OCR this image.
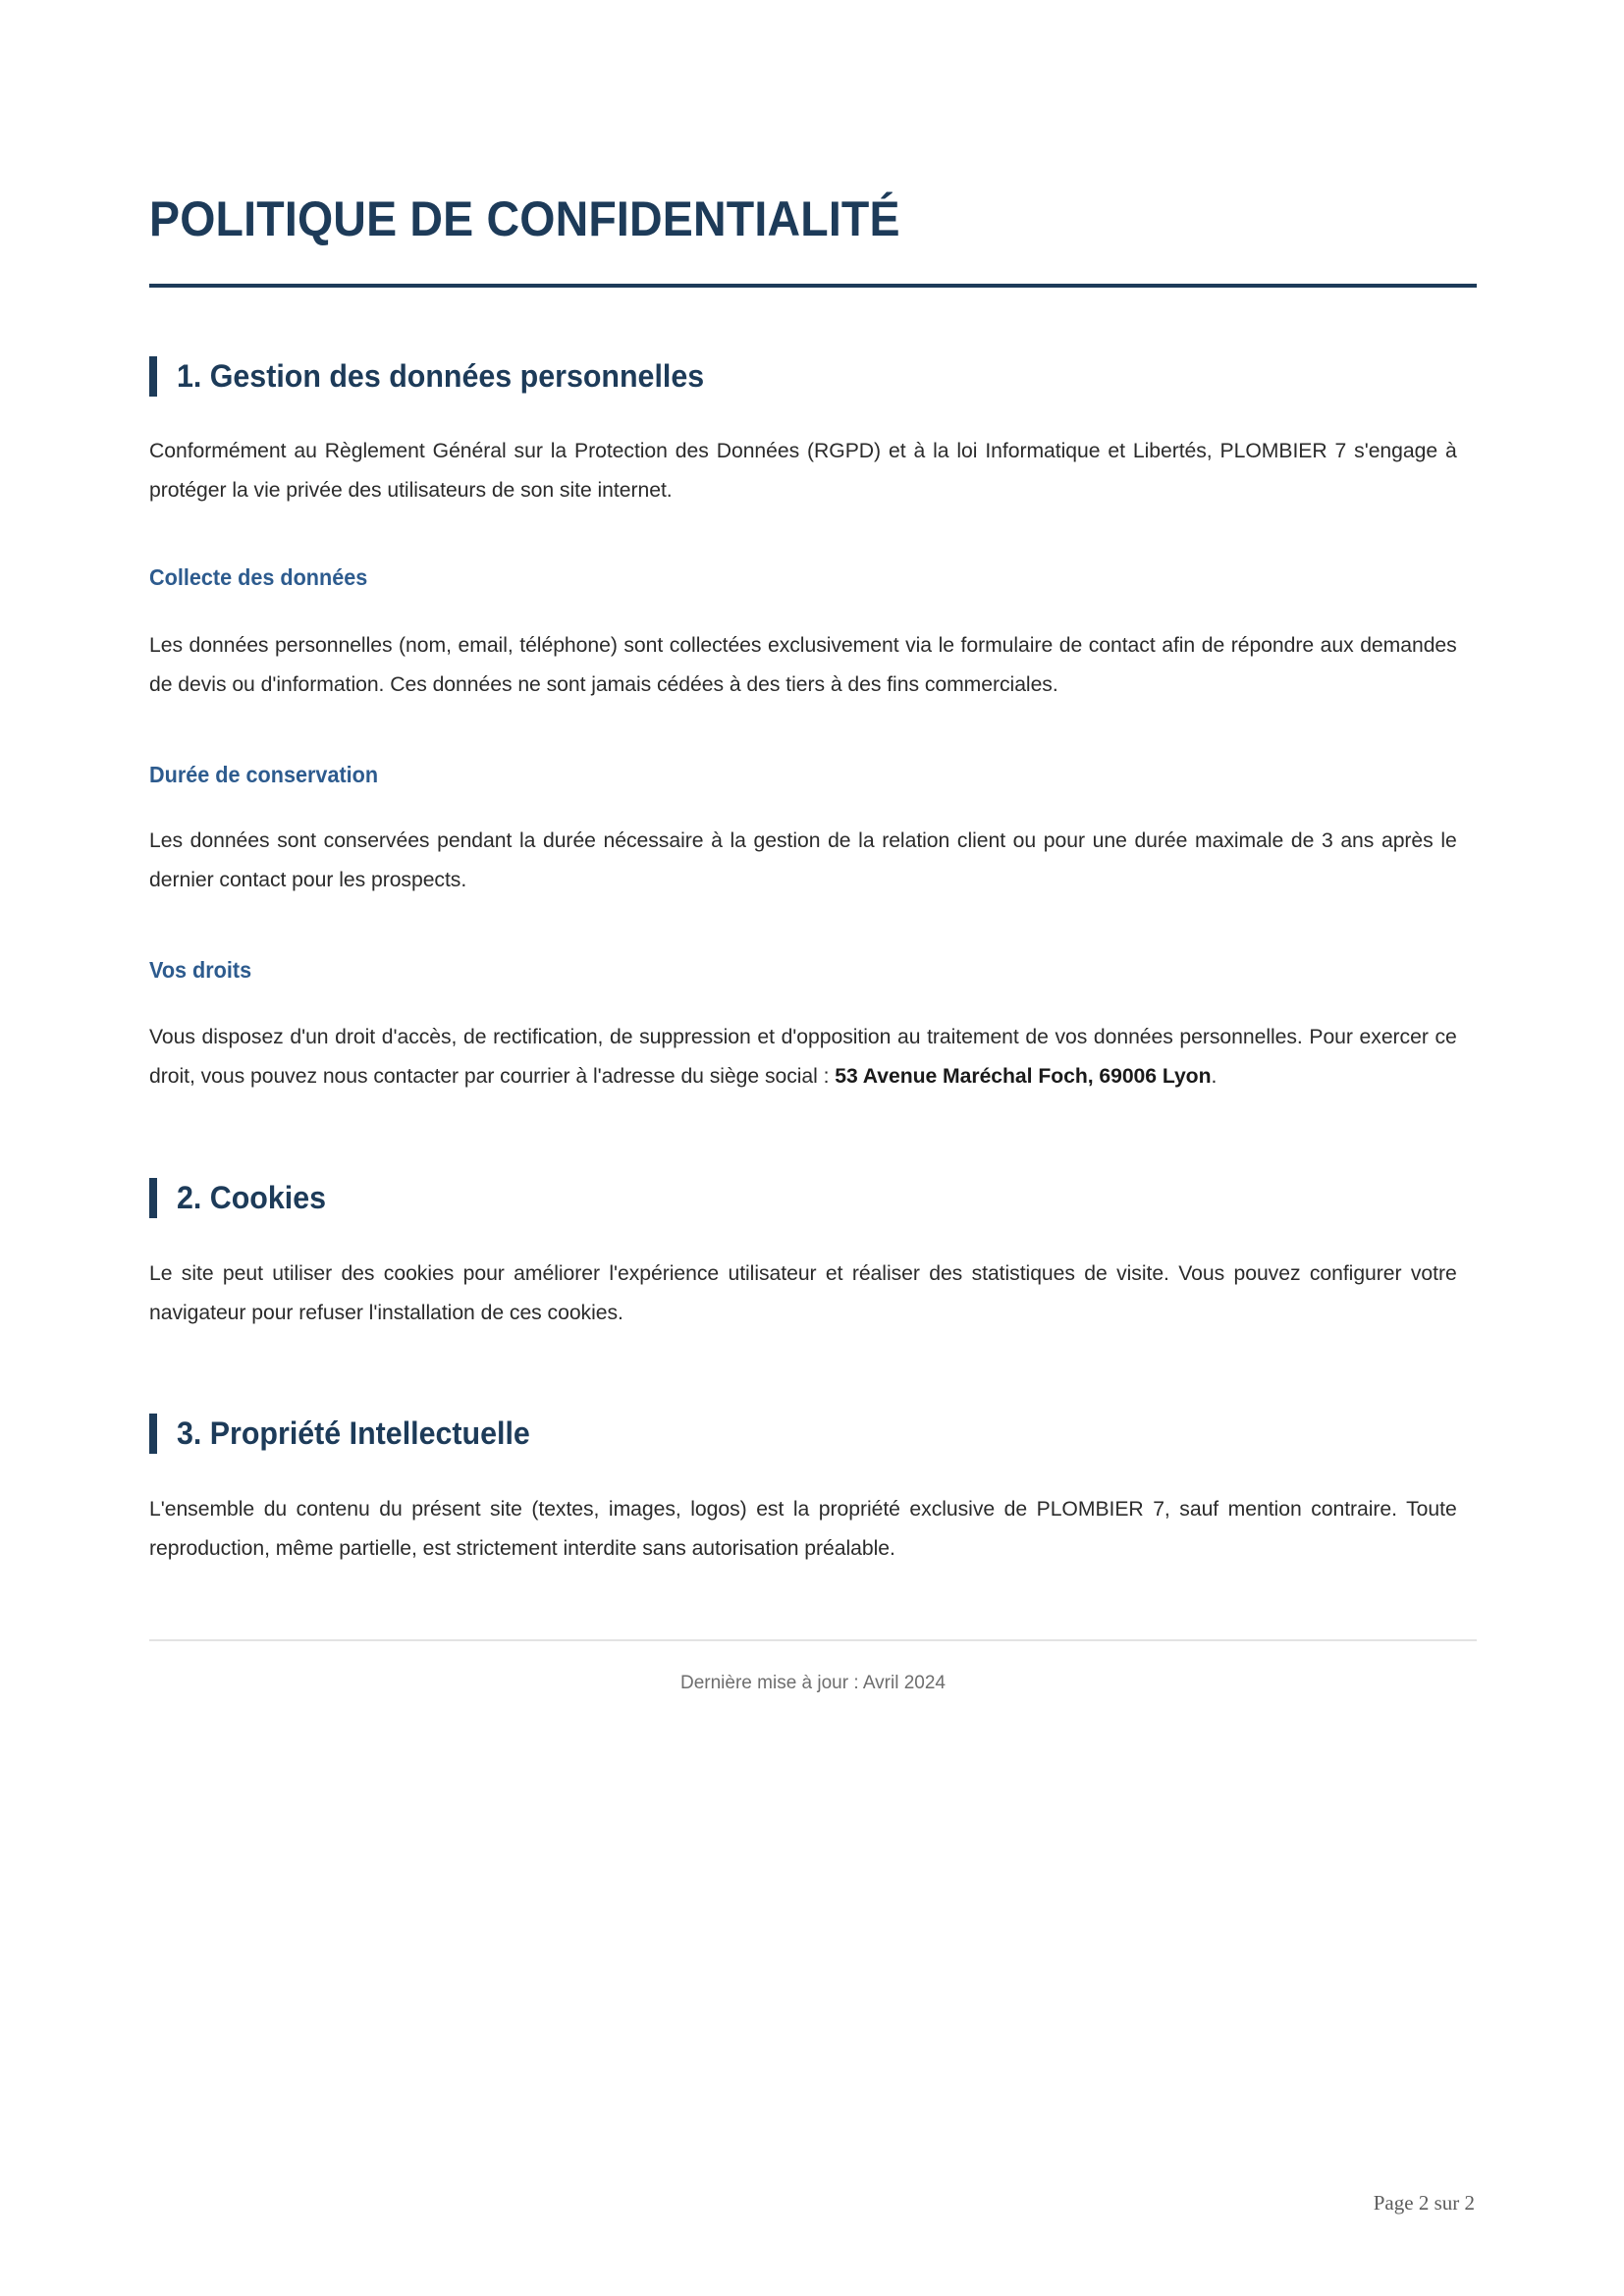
POLITIQUE DE CONFIDENTIALITÉ
1. Gestion des données personnelles

Conformément au Règlement Général sur la Protection des Données (RGPD) et à la loi Informatique et Libertés, PLOMBIER 7 s'engage à protéger la vie privée des utilisateurs de son site internet.

Collecte des données

Les données personnelles (nom, email, téléphone) sont collectées exclusivement via le formulaire de contact afin de répondre aux demandes de devis ou d'information. Ces données ne sont jamais cédées à des tiers à des fins commerciales.

Durée de conservation

Les données sont conservées pendant la durée nécessaire à la gestion de la relation client ou pour une durée maximale de 3 ans après le dernier contact pour les prospects.

Vos droits

Vous disposez d'un droit d'accès, de rectification, de suppression et d'opposition au traitement de vos données personnelles. Pour exercer ce droit, vous pouvez nous contacter par courrier à l'adresse du siège social : 53 Avenue Maréchal Foch, 69006 Lyon.

2. Cookies

Le site peut utiliser des cookies pour améliorer l'expérience utilisateur et réaliser des statistiques de visite. Vous pouvez configurer votre navigateur pour refuser l'installation de ces cookies.

3. Propriété Intellectuelle

L'ensemble du contenu du présent site (textes, images, logos) est la propriété exclusive de PLOMBIER 7, sauf mention contraire. Toute reproduction, même partielle, est strictement interdite sans autorisation préalable.

Dernière mise à jour : Avril 2024
Page 2 sur 2
